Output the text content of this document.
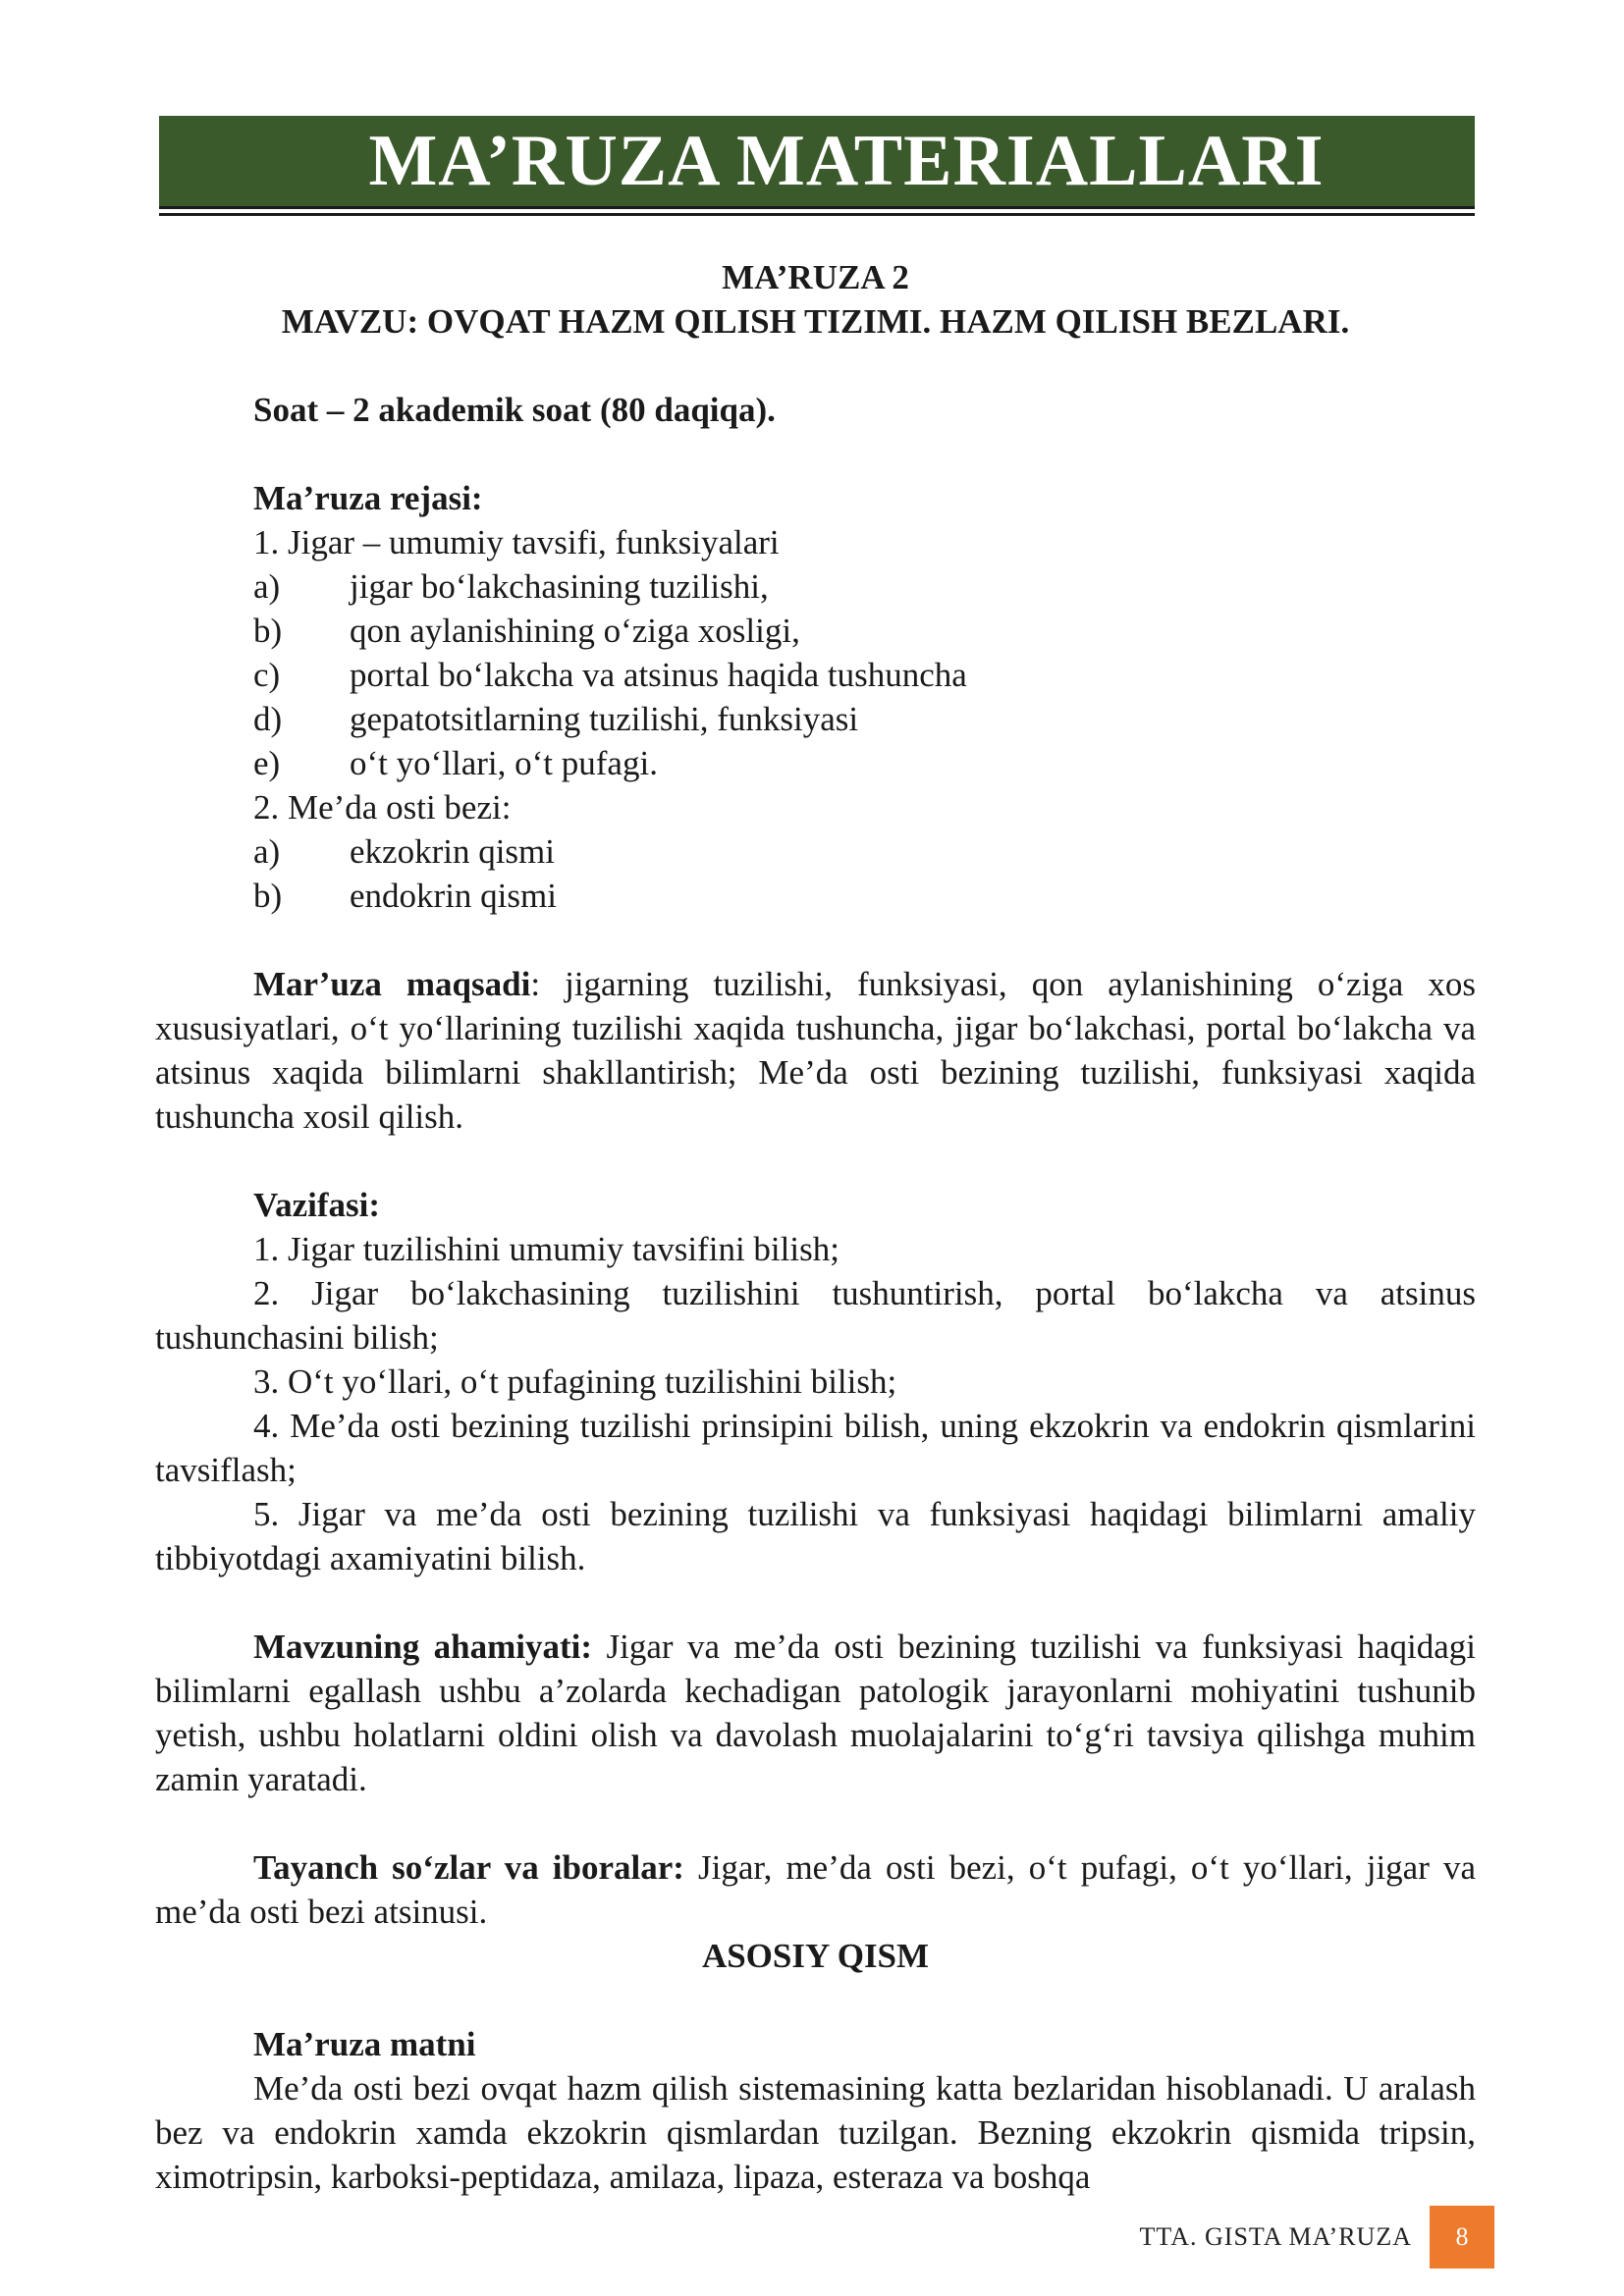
MA’RUZA MATERIALLARI

MA’RUZA 2

MAVZU: OVQAT HAZM QILISH TIZIMI. HAZM QILISH BEZLARI.

Soat – 2 akademik soat (80 daqiqa).

Ma’ruza rejasi:

1. Jigar – umumiy tavsifi, funksiyalari

a)	jigar bo‘lakchasining tuzilishi,
b)	qon aylanishining o‘ziga xosligi,
c)	portal bo‘lakcha va atsinus haqida tushuncha
d)	gepatotsitlarning tuzilishi, funksiyasi
e)	o‘t yo‘llari, o‘t pufagi.

2. Me’da osti bezi:

a)	ekzokrin qismi
b)	endokrin qismi

Mar’uza maqsadi: jigarning tuzilishi, funksiyasi, qon aylanishining o‘ziga xos xususiyatlari, o‘t yo‘llarining tuzilishi xaqida tushuncha, jigar bo‘lakchasi, portal bo‘lakcha va atsinus xaqida bilimlarni shakllantirish; Me’da osti bezining tuzilishi, funksiyasi xaqida tushuncha xosil qilish.

Vazifasi:

1. Jigar tuzilishini umumiy tavsifini bilish;

2. Jigar bo‘lakchasining tuzilishini tushuntirish, portal bo‘lakcha va atsinus tushunchasini bilish;

3. O‘t yo‘llari, o‘t pufagining tuzilishini bilish;

4. Me’da osti bezining tuzilishi prinsipini bilish, uning ekzokrin va endokrin qismlarini tavsiflash;

5. Jigar va me’da osti bezining tuzilishi va funksiyasi haqidagi bilimlarni amaliy tibbiyotdagi axamiyatini bilish.

Mavzuning ahamiyati: Jigar va me’da osti bezining tuzilishi va funksiyasi haqidagi bilimlarni egallash ushbu a’zolarda kechadigan patologik jarayonlarni mohiyatini tushunib yetish, ushbu holatlarni oldini olish va davolash muolajalarini to‘g‘ri tavsiya qilishga muhim zamin yaratadi.

Tayanch so‘zlar va iboralar: Jigar, me’da osti bezi, o‘t pufagi, o‘t yo‘llari, jigar va me’da osti bezi atsinusi.

ASOSIY QISM

Ma’ruza matni

Me’da osti bezi ovqat hazm qilish sistemasining katta bezlaridan hisoblanadi. U aralash bez va endokrin xamda ekzokrin qismlardan tuzilgan. Bezning ekzokrin qismida tripsin, ximotripsin, karboksi-peptidaza, amilaza, lipaza, esteraza va boshqa

TTA. GISTA MA’RUZA	8
